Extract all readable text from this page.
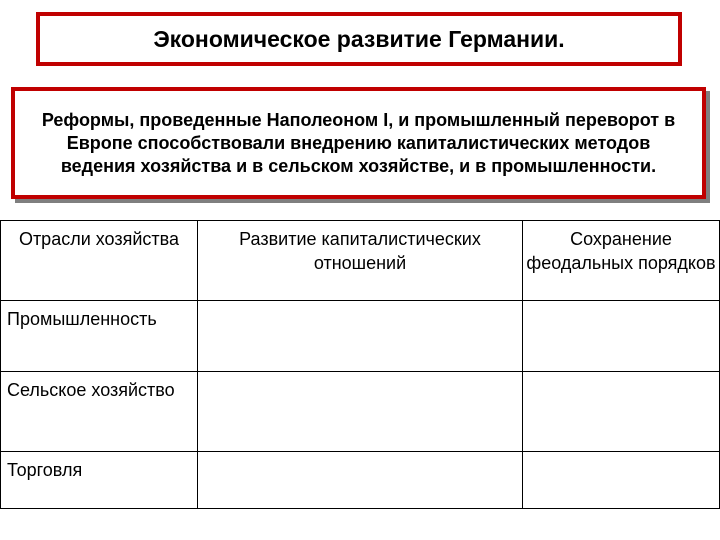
Экономическое развитие Германии.
Реформы, проведенные Наполеоном I, и промышленный переворот в Европе способствовали внедрению капиталистических методов ведения хозяйства и в сельском хозяйстве, и в промышленности.
Отрасли хозяйства	Развитие капиталистических отношений	Сохранение феодальных порядков
Промышленность		
Сельское хозяйство		
Торговля		
